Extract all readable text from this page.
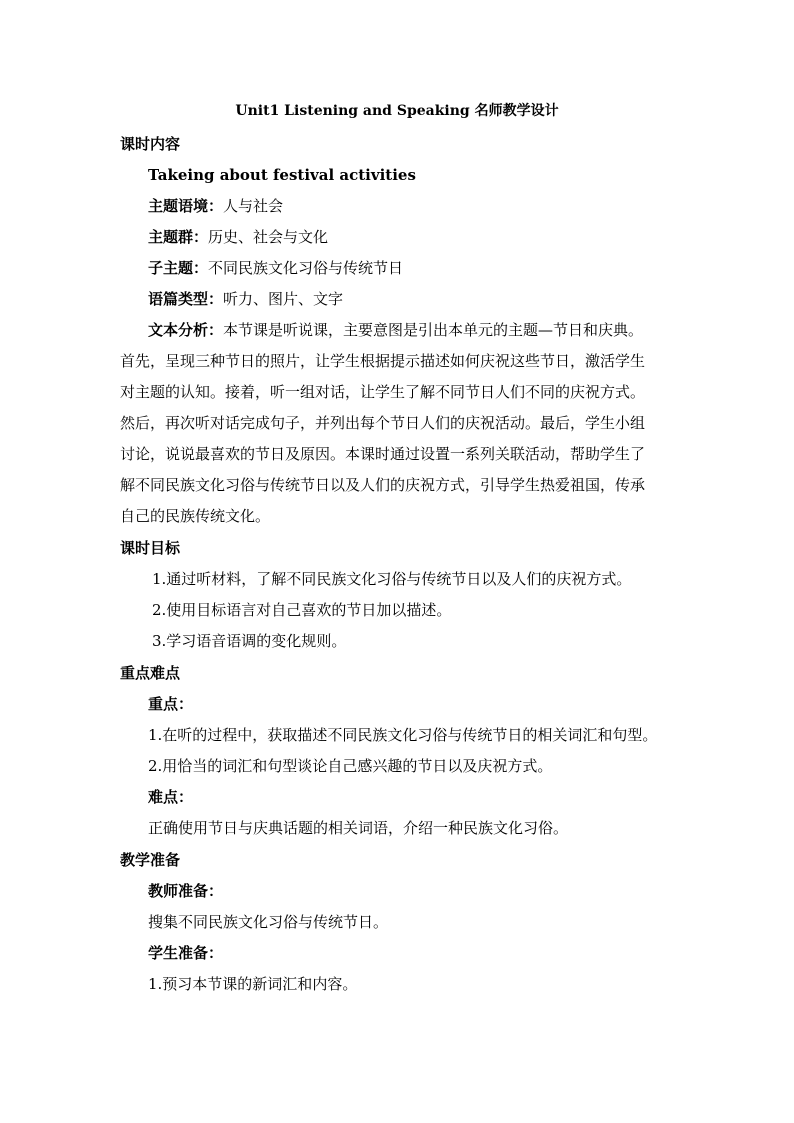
Unit1 Listening and Speaking 名师教学设计
课时内容
Takeing about festival activities
主题语境：人与社会
主题群：历史、社会与文化
子主题：不同民族文化习俗与传统节日
语篇类型：听力、图片、文字
文本分析：本节课是听说课，主要意图是引出本单元的主题—节日和庆典。
首先，呈现三种节日的照片，让学生根据提示描述如何庆祝这些节日，激活学生
对主题的认知。接着，听一组对话，让学生了解不同节日人们不同的庆祝方式。
然后，再次听对话完成句子，并列出每个节日人们的庆祝活动。最后，学生小组
讨论，说说最喜欢的节日及原因。本课时通过设置一系列关联活动，帮助学生了
解不同民族文化习俗与传统节日以及人们的庆祝方式，引导学生热爱祖国，传承
自己的民族传统文化。
课时目标
1.通过听材料，了解不同民族文化习俗与传统节日以及人们的庆祝方式。
2.使用目标语言对自己喜欢的节日加以描述。
3.学习语音语调的变化规则。
重点难点
重点：
1.在听的过程中，获取描述不同民族文化习俗与传统节日的相关词汇和句型。
2.用恰当的词汇和句型谈论自己感兴趣的节日以及庆祝方式。
难点：
正确使用节日与庆典话题的相关词语，介绍一种民族文化习俗。
教学准备
教师准备：
搜集不同民族文化习俗与传统节日。
学生准备：
1.预习本节课的新词汇和内容。
